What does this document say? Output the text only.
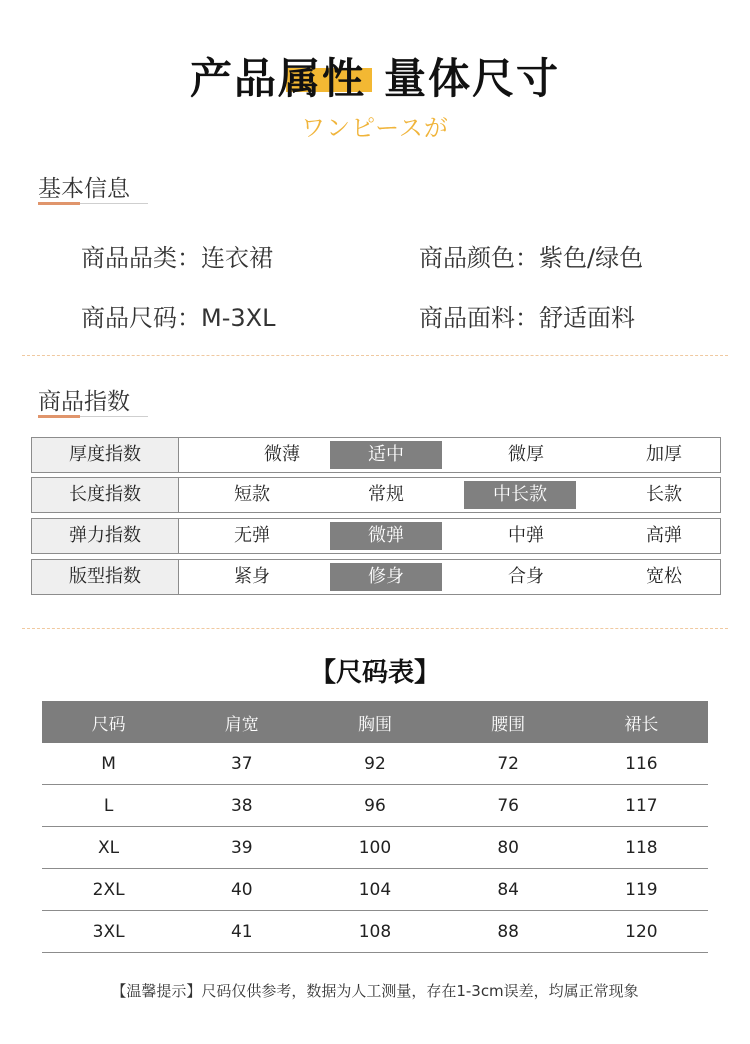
产品属性 量体尺寸
ワンピースが
基本信息
商品品类：连衣裙	商品颜色：紫色/绿色
商品尺码：M-3XL	商品面料：舒适面料
商品指数
厚度指数	微薄	适中	微厚	加厚
长度指数	短款	常规	中长款	长款
弹力指数	无弹	微弹	中弹	高弹
版型指数	紧身	修身	合身	宽松
【尺码表】
尺码	肩宽	胸围	腰围	裙长
M	37	92	72	116
L	38	96	76	117
XL	39	100	80	118
2XL	40	104	84	119
3XL	41	108	88	120
【温馨提示】尺码仅供参考，数据为人工测量，存在1-3cm误差，均属正常现象
